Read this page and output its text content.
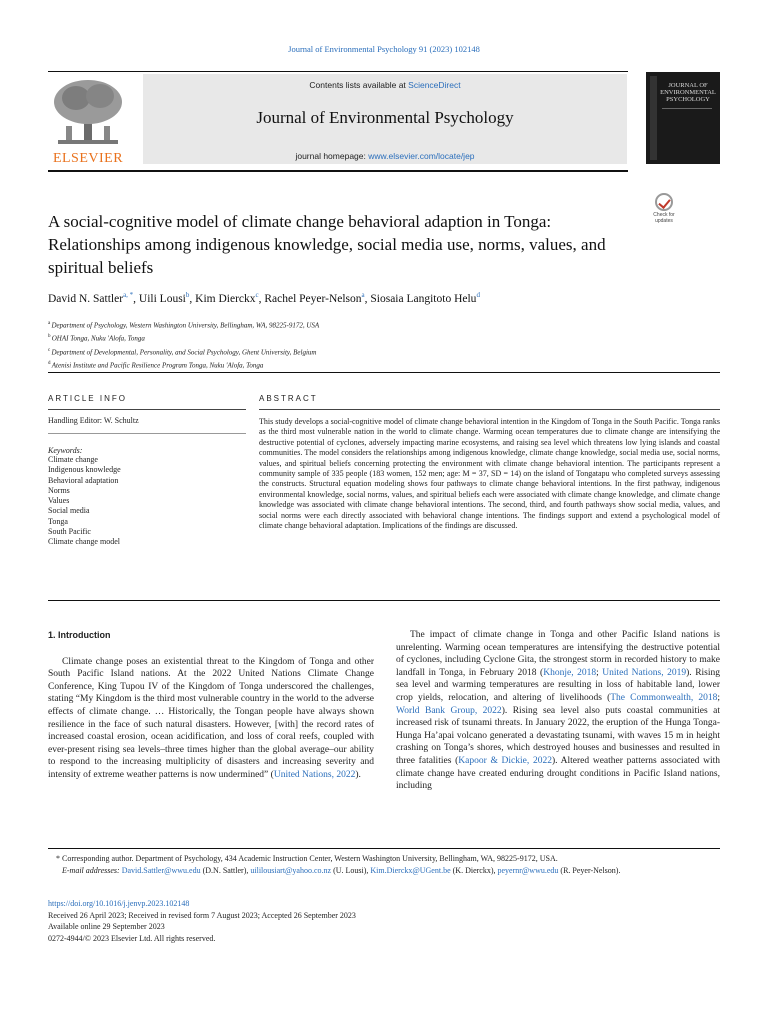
Journal of Environmental Psychology 91 (2023) 102148
ELSEVIER
Contents lists available at ScienceDirect
Journal of Environmental Psychology
journal homepage: www.elsevier.com/locate/jep
JOURNAL OF ENVIRONMENTAL PSYCHOLOGY
Check for updates
A social-cognitive model of climate change behavioral adaption in Tonga: Relationships among indigenous knowledge, social media use, norms, values, and spiritual beliefs
David N. Sattler$^{a, *}$, Uili Lousi$^b$, Kim Dierckx$^c$, Rachel Peyer-Nelson$^a$, Siosaia Langitoto Helu$^d$
$^a$ Department of Psychology, Western Washington University, Bellingham, WA, 98225-9172, USA
$^b$ OHAI Tonga, Nuku 'Alofa, Tonga
$^c$ Department of Developmental, Personality, and Social Psychology, Ghent University, Belgium
$^d$ Atenisi Institute and Pacific Resilience Program Tonga, Nuku 'Alofa, Tonga
ARTICLE INFO
Handling Editor: W. Schultz
Keywords:
Climate change
Indigenous knowledge
Behavioral adaptation
Norms
Values
Social media
Tonga
South Pacific
Climate change model
ABSTRACT
This study develops a social-cognitive model of climate change behavioral intention in the Kingdom of Tonga in the South Pacific. Tonga ranks as the third most vulnerable nation in the world to climate change. Warming ocean temperatures due to climate change are intensifying the destructive potential of cyclones, adversely impacting marine ecosystems, and raising sea level which threatens low lying islands and coastal communities. The model considers the relationships among indigenous knowledge, climate change knowledge, social media use, social norms, values, and spiritual beliefs concerning protecting the environment with climate change behavioral intention. The participants represent a community sample of 335 people (183 women, 152 men; age: M = 37, SD = 14) on the island of Tongatapu who completed surveys assessing the constructs. Structural equation modeling shows four pathways to climate change behavioral intentions. In the first pathway, indigenous environmental knowledge, social norms, values, and spiritual beliefs each were associated with climate change knowledge, and climate change knowledge was associated with climate change behavioral intentions. The second, third, and fourth pathways show social media, values, and social norms were each directly associated with behavioral change intentions. The findings support and extend a psychological model of climate change behavioral adaptation. Implications of the findings are discussed.
1. Introduction

Climate change poses an existential threat to the Kingdom of Tonga and other South Pacific Island nations. At the 2022 United Nations Climate Change Conference, King Tupou IV of the Kingdom of Tonga underscored the challenges, stating “My Kingdom is the third most vulnerable country in the world to the adverse effects of climate change. … Historically, the Tongan people have always shown resilience in the face of such natural disasters. However, [with] the record rates of increased coastal erosion, ocean acidification, and loss of coral reefs, coupled with ever-present rising sea levels–three times higher than the global average–our ability to respond to the increasing multiplicity of disasters and increasing severity and intensity of extreme weather patterns is now undermined” (United Nations, 2022).

The impact of climate change in Tonga and other Pacific Island nations is unrelenting. Warming ocean temperatures are intensifying the destructive potential of cyclones, including Cyclone Gita, the strongest storm in recorded history to make landfall in Tonga, in February 2018 (Khonje, 2018; United Nations, 2019). Rising sea level and warming temperatures are resulting in loss of habitable land, lower crop yields, relocation, and altering of livelihoods (The Commonwealth, 2018; World Bank Group, 2022). Rising sea level also puts coastal communities at increased risk of tsunami threats. In January 2022, the eruption of the Hunga Tonga-Hunga Ha’apai volcano generated a devastating tsunami, with waves 15 m in height crashing on Tonga’s shores, which destroyed houses and businesses and resulted in three fatalities (Kapoor & Dickie, 2022). Altered weather patterns associated with climate change have created enduring drought conditions in Pacific Island nations, including

* Corresponding author. Department of Psychology, 434 Academic Instruction Center, Western Washington University, Bellingham, WA, 98225-9172, USA.
E-mail addresses: David.Sattler@wwu.edu (D.N. Sattler), uililousiart@yahoo.co.nz (U. Lousi), Kim.Dierckx@UGent.be (K. Dierckx), peyernr@wwu.edu (R. Peyer-Nelson).
https://doi.org/10.1016/j.jenvp.2023.102148
Received 26 April 2023; Received in revised form 7 August 2023; Accepted 26 September 2023
Available online 29 September 2023
0272-4944/© 2023 Elsevier Ltd. All rights reserved.
